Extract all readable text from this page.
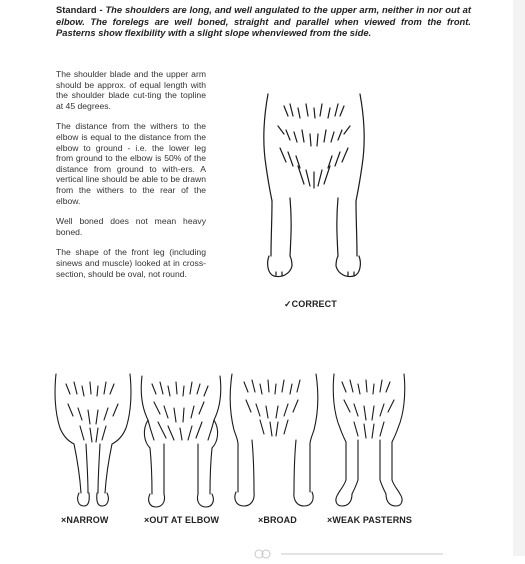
Standard - The shoulders are long, and well angulated to the upper arm, neither in nor out at elbow. The forelegs are well boned, straight and parallel when viewed from the front. Pasterns show flexibility with a slight slope whenviewed from the side.

The shoulder blade and the upper arm should be approx. of equal length with the shoulder blade cut-ting the topline at 45 degrees.

The distance from the withers to the elbow is equal to the distance from the elbow to ground - i.e. the lower leg from ground to the elbow is 50% of the distance from ground to with-ers. A vertical line should be able to be drawn from the withers to the rear of the elbow.

Well boned does not mean heavy boned.

The shape of the front leg (including sinews and muscle) looked at in cross-section, should be oval, not round.

✓CORRECT
×NARROW	×OUT AT ELBOW	×BROAD	×WEAK PASTERNS
